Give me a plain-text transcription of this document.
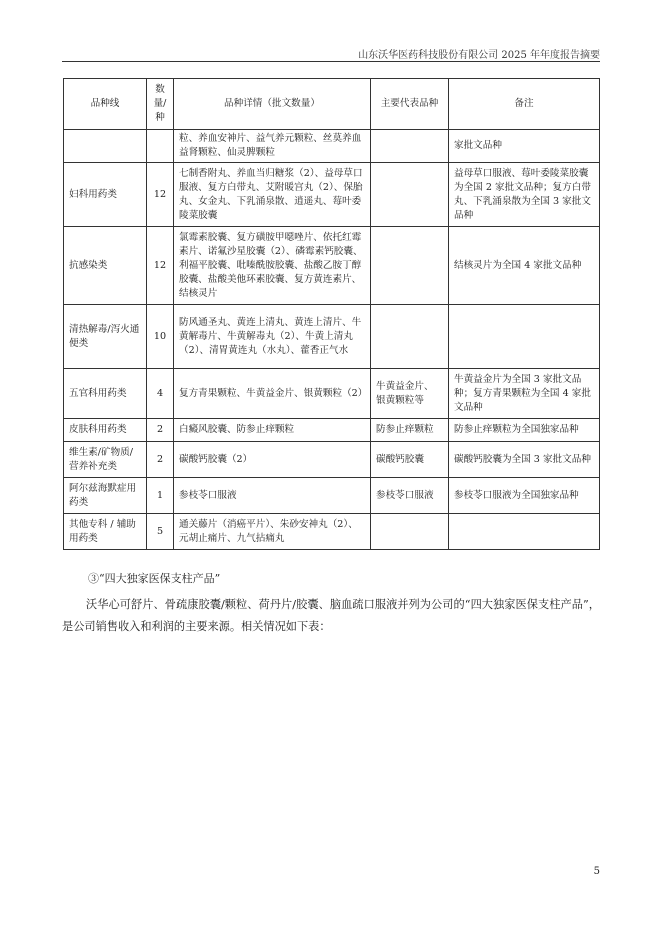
山东沃华医药科技股份有限公司 2025 年年度报告摘要
品种线	数量/种	品种详情（批文数量）	主要代表品种	备注
		粒、养血安神片、益气养元颗粒、丝莫养血益肾颗粒、仙灵脾颗粒		家批文品种
妇科用药类	12	七制香附丸、养血当归糖浆（2）、益母草口服液、复方白带丸、艾附暖宫丸（2）、保胎丸、女金丸、下乳涌泉散、逍遥丸、莓叶委陵菜胶囊		益母草口服液、莓叶委陵菜胶囊为全国 2 家批文品种；复方白带丸、下乳涌泉散为全国 3 家批文品种
抗感染类	12	氯霉素胶囊、复方磺胺甲噁唑片、依托红霉素片、诺氟沙星胶囊（2）、磷霉素钙胶囊、利福平胶囊、吡嗪酰胺胶囊、盐酸乙胺丁醇胶囊、盐酸美他环素胶囊、复方黄连素片、结核灵片		结核灵片为全国 4 家批文品种
清热解毒/泻火通便类	10	防风通圣丸、黄连上清丸、黄连上清片、牛黄解毒片、牛黄解毒丸（2）、牛黄上清丸（2）、清胃黄连丸（水丸）、藿香正气水		
五官科用药类	4	复方青果颗粒、牛黄益金片、银黄颗粒（2）	牛黄益金片、银黄颗粒等	牛黄益金片为全国 3 家批文品种；复方青果颗粒为全国 4 家批文品种
皮肤科用药类	2	白癜风胶囊、防参止痒颗粒	防参止痒颗粒	防参止痒颗粒为全国独家品种
维生素/矿物质/营养补充类	2	碳酸钙胶囊（2）	碳酸钙胶囊	碳酸钙胶囊为全国 3 家批文品种
阿尔兹海默症用药类	1	参枝苓口服液	参枝苓口服液	参枝苓口服液为全国独家品种
其他专科 / 辅助用药类	5	通关藤片（消癌平片）、朱砂安神丸（2）、元胡止痛片、九气拈痛丸		
③“四大独家医保支柱产品”

沃华心可舒片、骨疏康胶囊/颗粒、荷丹片/胶囊、脑血疏口服液并列为公司的“四大独家医保支柱产品”，是公司销售收入和利润的主要来源。相关情况如下表：

5
